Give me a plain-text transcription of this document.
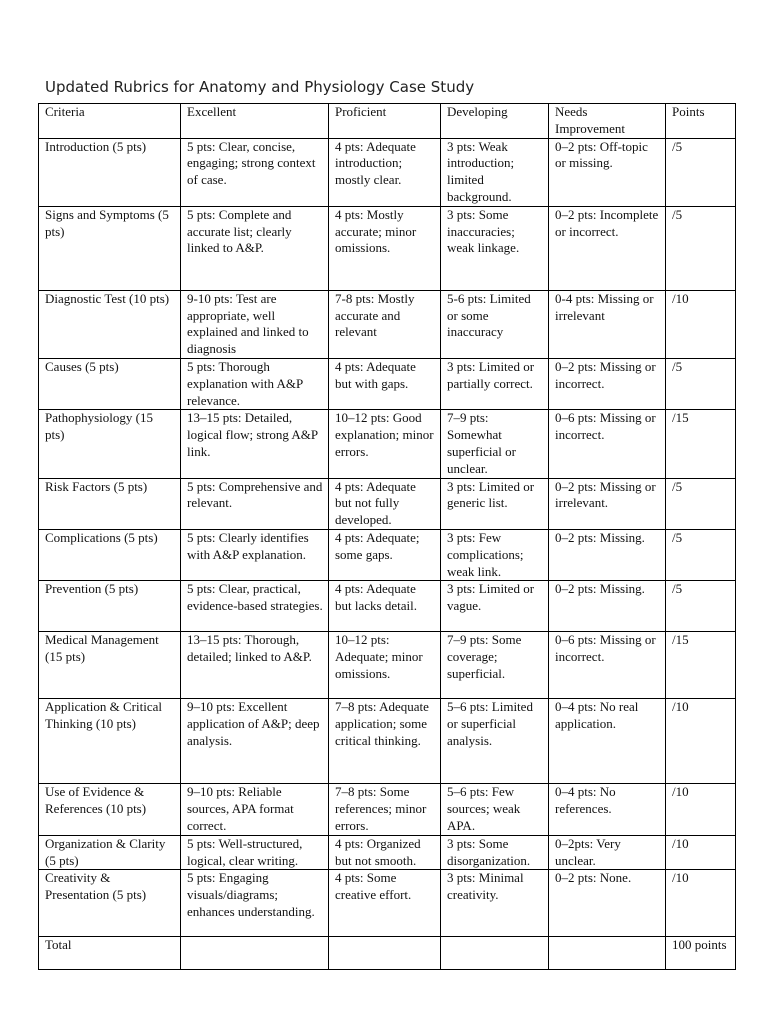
Updated Rubrics for Anatomy and Physiology Case Study
Criteria	Excellent	Proficient	Developing	Needs Improvement	Points
Introduction (5 pts)	5 pts: Clear, concise, engaging; strong context of case.	4 pts: Adequate introduction; mostly clear.	3 pts: Weak introduction; limited background.	0–2 pts: Off-topic or missing.	/5
Signs and Symptoms (5 pts)	5 pts: Complete and accurate list; clearly linked to A&P.	4 pts: Mostly accurate; minor omissions.	3 pts: Some inaccuracies; weak linkage.	0–2 pts: Incomplete or incorrect.	/5
Diagnostic Test (10 pts)	9-10 pts: Test are appropriate, well explained and linked to diagnosis	7-8 pts: Mostly accurate and relevant	5-6 pts: Limited or some inaccuracy	0-4 pts: Missing or irrelevant	/10
Causes (5 pts)	5 pts: Thorough explanation with A&P relevance.	4 pts: Adequate but with gaps.	3 pts: Limited or partially correct.	0–2 pts: Missing or incorrect.	/5
Pathophysiology (15 pts)	13–15 pts: Detailed, logical flow; strong A&P link.	10–12 pts: Good explanation; minor errors.	7–9 pts: Somewhat superficial or unclear.	0–6 pts: Missing or incorrect.	/15
Risk Factors (5 pts)	5 pts: Comprehensive and relevant.	4 pts: Adequate but not fully developed.	3 pts: Limited or generic list.	0–2 pts: Missing or irrelevant.	/5
Complications (5 pts)	5 pts: Clearly identifies with A&P explanation.	4 pts: Adequate; some gaps.	3 pts: Few complications; weak link.	0–2 pts: Missing.	/5
Prevention (5 pts)	5 pts: Clear, practical, evidence-based strategies.	4 pts: Adequate but lacks detail.	3 pts: Limited or vague.	0–2 pts: Missing.	/5
Medical Management (15 pts)	13–15 pts: Thorough, detailed; linked to A&P.	10–12 pts: Adequate; minor omissions.	7–9 pts: Some coverage; superficial.	0–6 pts: Missing or incorrect.	/15
Application & Critical Thinking (10 pts)	9–10 pts: Excellent application of A&P; deep analysis.	7–8 pts: Adequate application; some critical thinking.	5–6 pts: Limited or superficial analysis.	0–4 pts: No real application.	/10
Use of Evidence & References (10 pts)	9–10 pts: Reliable sources, APA format correct.	7–8 pts: Some references; minor errors.	5–6 pts: Few sources; weak APA.	0–4 pts: No references.	/10
Organization & Clarity (5 pts)	5 pts: Well-structured, logical, clear writing.	4 pts: Organized but not smooth.	3 pts: Some disorganization.	0–2pts: Very unclear.	/10
Creativity & Presentation (5 pts)	5 pts: Engaging visuals/diagrams; enhances understanding.	4 pts: Some creative effort.	3 pts: Minimal creativity.	0–2 pts: None.	/10
Total					100 points
